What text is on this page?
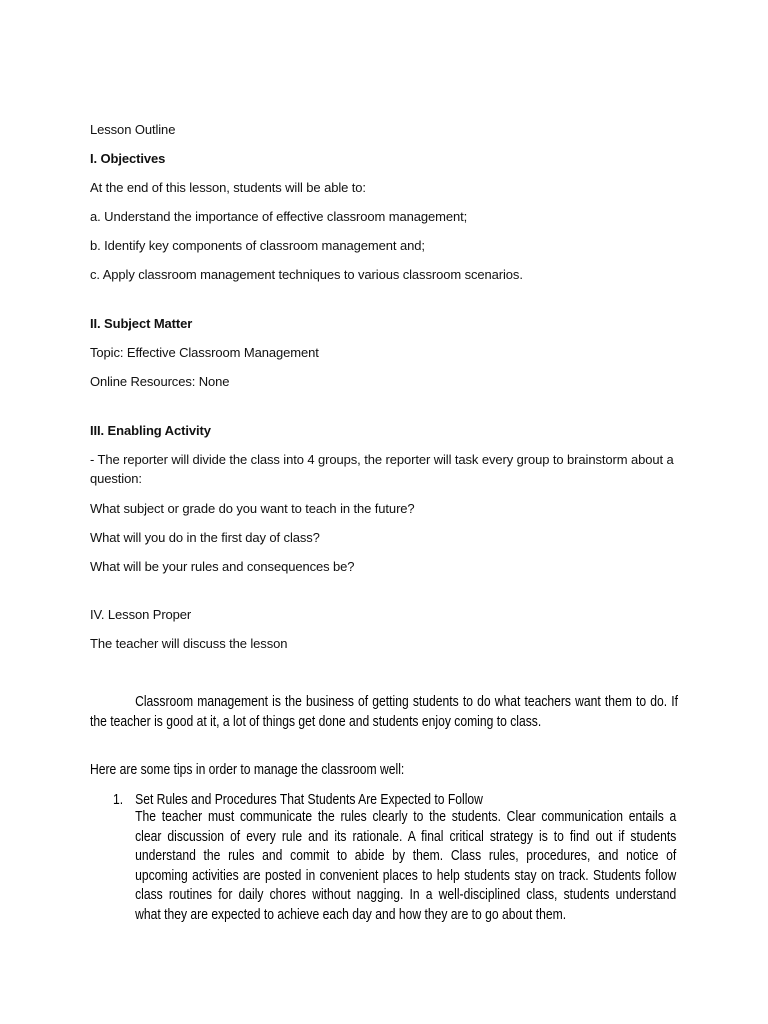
Lesson Outline

I. Objectives

At the end of this lesson, students will be able to:

a. Understand the importance of effective classroom management;

b. Identify key components of classroom management and;

c. Apply classroom management techniques to various classroom scenarios.

II. Subject Matter

Topic: Effective Classroom Management

Online Resources: None

III. Enabling Activity

- The reporter will divide the class into 4 groups, the reporter will task every group to brainstorm about a question:

What subject or grade do you want to teach in the future?

What will you do in the first day of class?

What will be your rules and consequences be?

IV. Lesson Proper

The teacher will discuss the lesson

Classroom management is the business of getting students to do what teachers want them to do. If
the teacher is good at it, a lot of things get done and students enjoy coming to class.
Here are some tips in order to manage the classroom well:
1. Set Rules and Procedures That Students Are Expected to Follow
The teacher must communicate the rules clearly to the students. Clear communication entails a
clear discussion of every rule and its rationale. A final critical strategy is to find out if students
understand the rules and commit to abide by them. Class rules, procedures, and notice of
upcoming activities are posted in convenient places to help students stay on track. Students follow
class routines for daily chores without nagging. In a well-disciplined class, students understand
what they are expected to achieve each day and how they are to go about them.
